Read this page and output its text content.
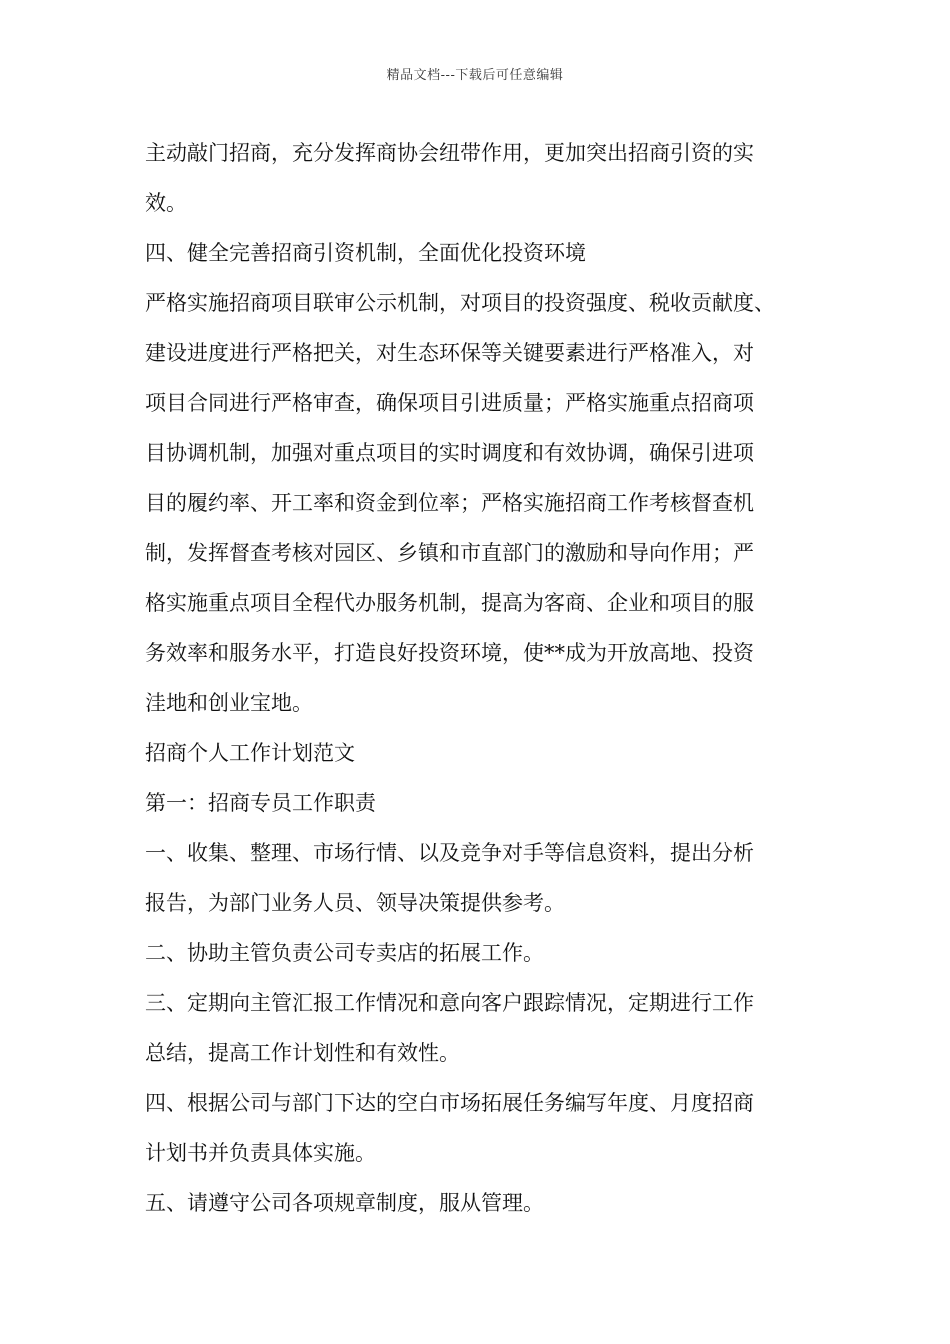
精品文档---下载后可任意编辑
主动敲门招商，充分发挥商协会纽带作用，更加突出招商引资的实
效。
四、健全完善招商引资机制，全面优化投资环境
严格实施招商项目联审公示机制，对项目的投资强度、税收贡献度、
建设进度进行严格把关，对生态环保等关键要素进行严格准入，对
项目合同进行严格审查，确保项目引进质量；严格实施重点招商项
目协调机制，加强对重点项目的实时调度和有效协调，确保引进项
目的履约率、开工率和资金到位率；严格实施招商工作考核督查机
制，发挥督查考核对园区、乡镇和市直部门的激励和导向作用；严
格实施重点项目全程代办服务机制，提高为客商、企业和项目的服
务效率和服务水平，打造良好投资环境，使**成为开放高地、投资
洼地和创业宝地。
招商个人工作计划范文
第一：招商专员工作职责
一、收集、整理、市场行情、以及竞争对手等信息资料，提出分析
报告，为部门业务人员、领导决策提供参考。
二、协助主管负责公司专卖店的拓展工作。
三、定期向主管汇报工作情况和意向客户跟踪情况，定期进行工作
总结，提高工作计划性和有效性。
四、根据公司与部门下达的空白市场拓展任务编写年度、月度招商
计划书并负责具体实施。
五、请遵守公司各项规章制度，服从管理。
